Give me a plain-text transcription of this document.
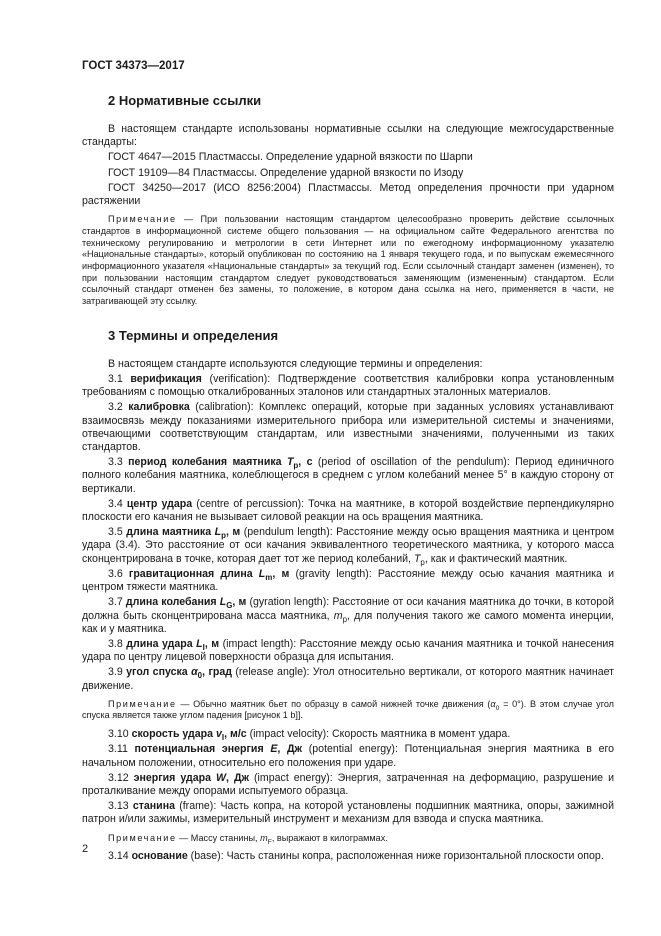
ГОСТ 34373—2017
2 Нормативные ссылки

В настоящем стандарте использованы нормативные ссылки на следующие межгосударственные стандарты:

ГОСТ 4647—2015 Пластмассы. Определение ударной вязкости по Шарпи

ГОСТ 19109—84 Пластмассы. Определение ударной вязкости по Изоду

ГОСТ 34250—2017 (ИСО 8256:2004) Пластмассы. Метод определения прочности при ударном растяжении

Примечание — При пользовании настоящим стандартом целесообразно проверить действие ссылочных стандартов в информационной системе общего пользования — на официальном сайте Федерального агентства по техническому регулированию и метрологии в сети Интернет или по ежегодному информационному указателю «Национальные стандарты», который опубликован по состоянию на 1 января текущего года, и по выпускам ежемесячного информационного указателя «Национальные стандарты» за текущий год. Если ссылочный стандарт заменен (изменен), то при пользовании настоящим стандартом следует руководствоваться заменяющим (измененным) стандартом. Если ссылочный стандарт отменен без замены, то положение, в котором дана ссылка на него, применяется в части, не затрагивающей эту ссылку.

3 Термины и определения

В настоящем стандарте используются следующие термины и определения:

3.1 верификация (verification): Подтверждение соответствия калибровки копра установленным требованиям с помощью откалиброванных эталонов или стандартных эталонных материалов.

3.2 калибровка (calibration): Комплекс операций, которые при заданных условиях устанавливают взаимосвязь между показаниями измерительного прибора или измерительной системы и значениями, отвечающими соответствующим стандартам, или известными значениями, полученными из таких стандартов.

3.3 период колебания маятника $T_p$, с (period of oscillation of the pendulum): Период единичного полного колебания маятника, колеблющегося в среднем с углом колебаний менее 5° в каждую сторону от вертикали.

3.4 центр удара (centre of percussion): Точка на маятнике, в которой воздействие перпендикулярно плоскости его качания не вызывает силовой реакции на ось вращения маятника.

3.5 длина маятника $L_p$, м (pendulum length): Расстояние между осью вращения маятника и центром удара (3.4). Это расстояние от оси качания эквивалентного теоретического маятника, у которого масса сконцентрирована в точке, которая дает тот же период колебаний, $T_p$, как и фактический маятник.

3.6 гравитационная длина $L_m$, м (gravity length): Расстояние между осью качания маятника и центром тяжести маятника.

3.7 длина колебания $L_G$, м (gyration length): Расстояние от оси качания маятника до точки, в которой должна быть сконцентрирована масса маятника, $m_p$, для получения такого же самого момента инерции, как и у маятника.

3.8 длина удара $L_I$, м (impact length): Расстояние между осью качания маятника и точкой нанесения удара по центру лицевой поверхности образца для испытания.

3.9 угол спуска $\alpha_0$, град (release angle): Угол относительно вертикали, от которого маятник начинает движение.

Примечание — Обычно маятник бьет по образцу в самой нижней точке движения $(\alpha_0 = 0^\circ)$. В этом случае угол спуска является также углом падения [рисунок 1 b]].

3.10 скорость удара $v_I$, м/с (impact velocity): Скорость маятника в момент удара.

3.11 потенциальная энергия E, Дж (potential energy): Потенциальная энергия маятника в его начальном положении, относительно его положения при ударе.

3.12 энергия удара W, Дж (impact energy): Энергия, затраченная на деформацию, разрушение и проталкивание между опорами испытуемого образца.

3.13 станина (frame): Часть копра, на которой установлены подшипник маятника, опоры, зажимной патрон и/или зажимы, измерительный инструмент и механизм для взвода и спуска маятника.

Примечание — Массу станины, $m_F$, выражают в килограммах.

3.14 основание (base): Часть станины копра, расположенная ниже горизонтальной плоскости опор.

2
